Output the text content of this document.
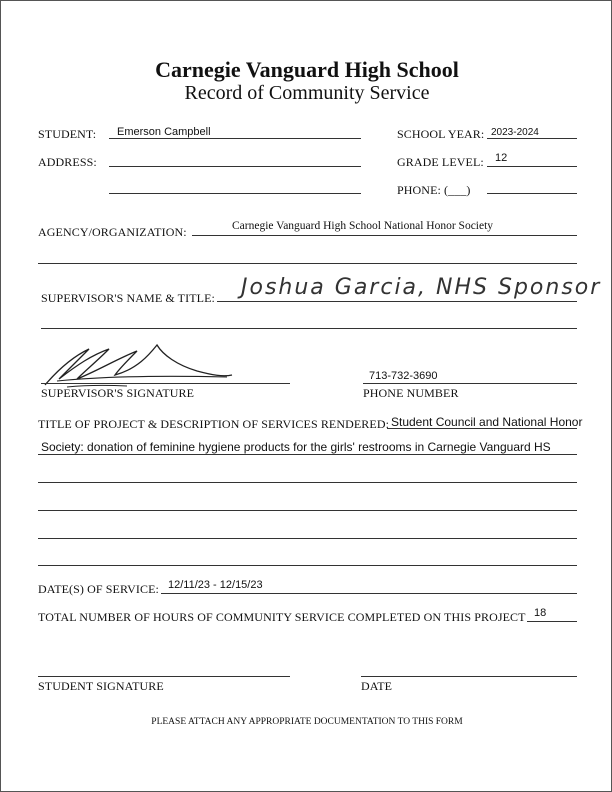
Carnegie Vanguard High School
Record of Community Service
STUDENT: Emerson Campbell	SCHOOL YEAR: 2023-2024
ADDRESS:	GRADE LEVEL: 12
PHONE: (___)
AGENCY/ORGANIZATION:	Carnegie Vanguard High School National Honor Society
SUPERVISOR'S NAME & TITLE: Joshua Garcia, NHS Sponsor
SUPERVISOR'S SIGNATURE
713-732-3690
PHONE NUMBER
TITLE OF PROJECT & DESCRIPTION OF SERVICES RENDERED: Student Council and National Honor
Society: donation of feminine hygiene products for the girls' restrooms in Carnegie Vanguard HS
DATE(S) OF SERVICE: 12/11/23 - 12/15/23
TOTAL NUMBER OF HOURS OF COMMUNITY SERVICE COMPLETED ON THIS PROJECT 18
STUDENT SIGNATURE	DATE
PLEASE ATTACH ANY APPROPRIATE DOCUMENTATION TO THIS FORM
